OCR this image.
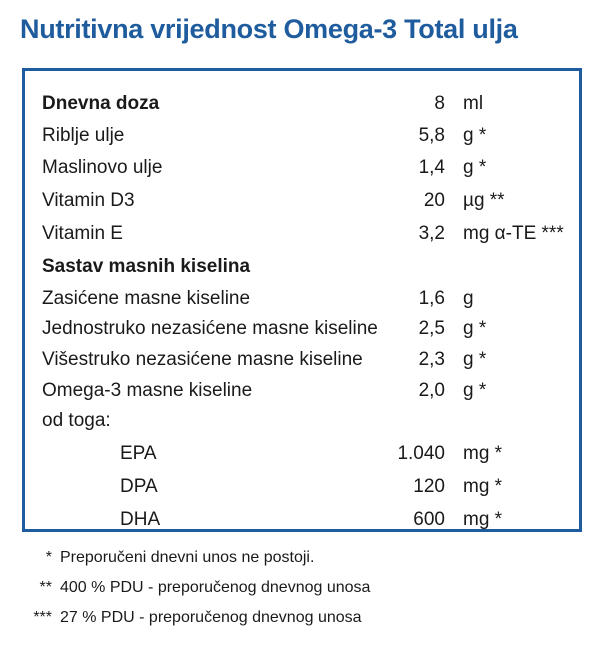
Nutritivna vrijednost Omega-3 Total ulja
Dnevna doza	8 ml
Riblje ulje	5,8 g *
Maslinovo ulje	1,4 g *
Vitamin D3	20 µg **
Vitamin E	3,2 mg α-TE ***
Sastav masnih kiselina
Zasićene masne kiseline	1,6 g
Jednostruko nezasićene masne kiseline 2,5 g *
Višestruko nezasićene masne kiseline	2,3 g *
Omega-3 masne kiseline	2,0 g *
od toga:
EPA	1.040 mg *
DPA	120 mg *
DHA	600 mg *
* Preporučeni dnevni unos ne postoji.
** 400 % PDU - preporučenog dnevnog unosa
*** 27 % PDU - preporučenog dnevnog unosa
